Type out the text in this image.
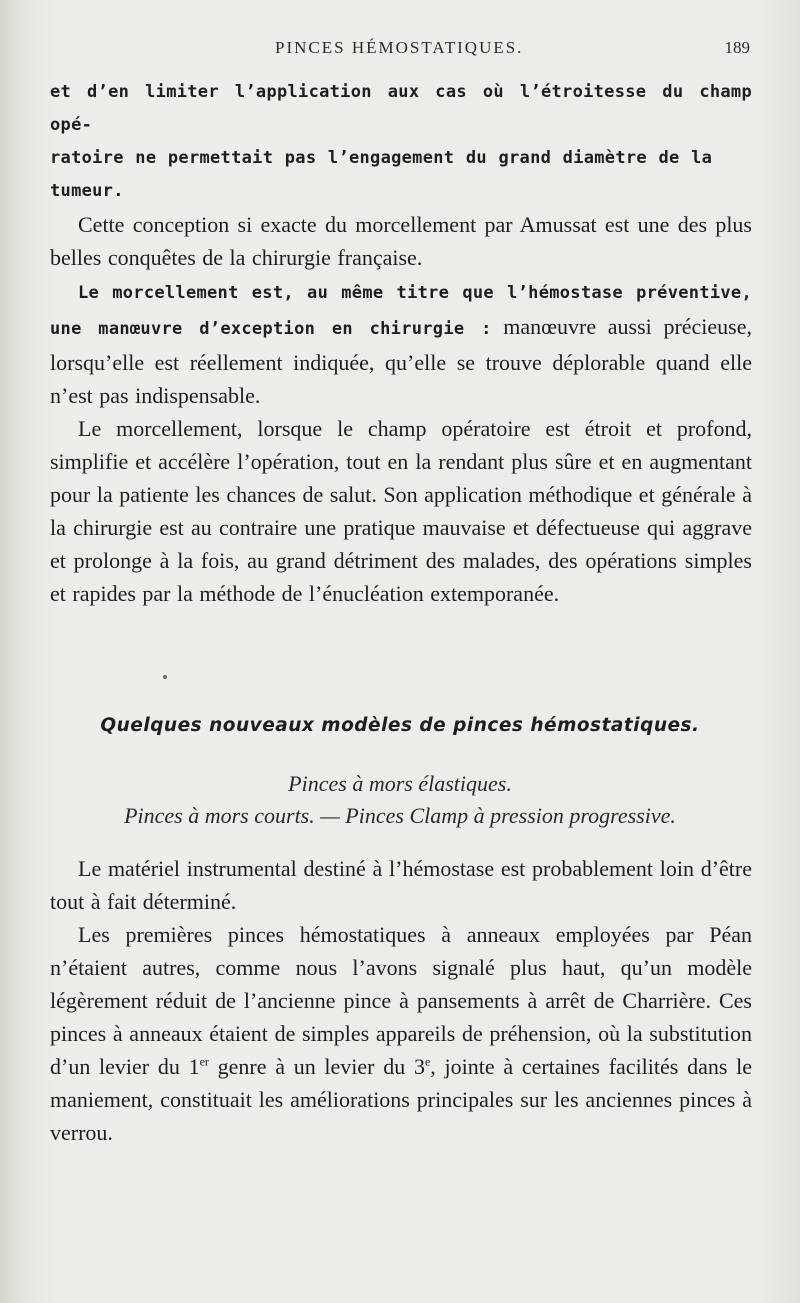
PINCES HÉMOSTATIQUES.	189

et d’en limiter l’application aux cas où l’étroitesse du champ opé-
ratoire ne permettait pas l’engagement du grand diamètre de la
tumeur.

Cette conception si exacte du morcellement par Amussat est une des plus belles conquêtes de la chirurgie française.

Le morcellement est, au même titre que l’hémostase préventive, une manœuvre d’exception en chirurgie : manœuvre aussi précieuse, lorsqu’elle est réellement indiquée, qu’elle se trouve déplorable quand elle n’est pas indispensable.

Le morcellement, lorsque le champ opératoire est étroit et profond, simplifie et accélère l’opération, tout en la rendant plus sûre et en augmentant pour la patiente les chances de salut. Son application méthodique et générale à la chirurgie est au contraire une pratique mauvaise et défectueuse qui aggrave et prolonge à la fois, au grand détriment des malades, des opérations simples et rapides par la méthode de l’énucléation extemporanée.

Quelques nouveaux modèles de pinces hémostatiques.
Pinces à mors élastiques.
Pinces à mors courts. — Pinces Clamp à pression progressive.

Le matériel instrumental destiné à l’hémostase est probablement loin d’être tout à fait déterminé.

Les premières pinces hémostatiques à anneaux employées par Péan n’étaient autres, comme nous l’avons signalé plus haut, qu’un modèle légèrement réduit de l’ancienne pince à pansements à arrêt de Charrière. Ces pinces à anneaux étaient de simples appareils de préhension, où la substitution d’un levier du 1er genre à un levier du 3e, jointe à certaines facilités dans le maniement, constituait les améliorations principales sur les anciennes pinces à verrou.
